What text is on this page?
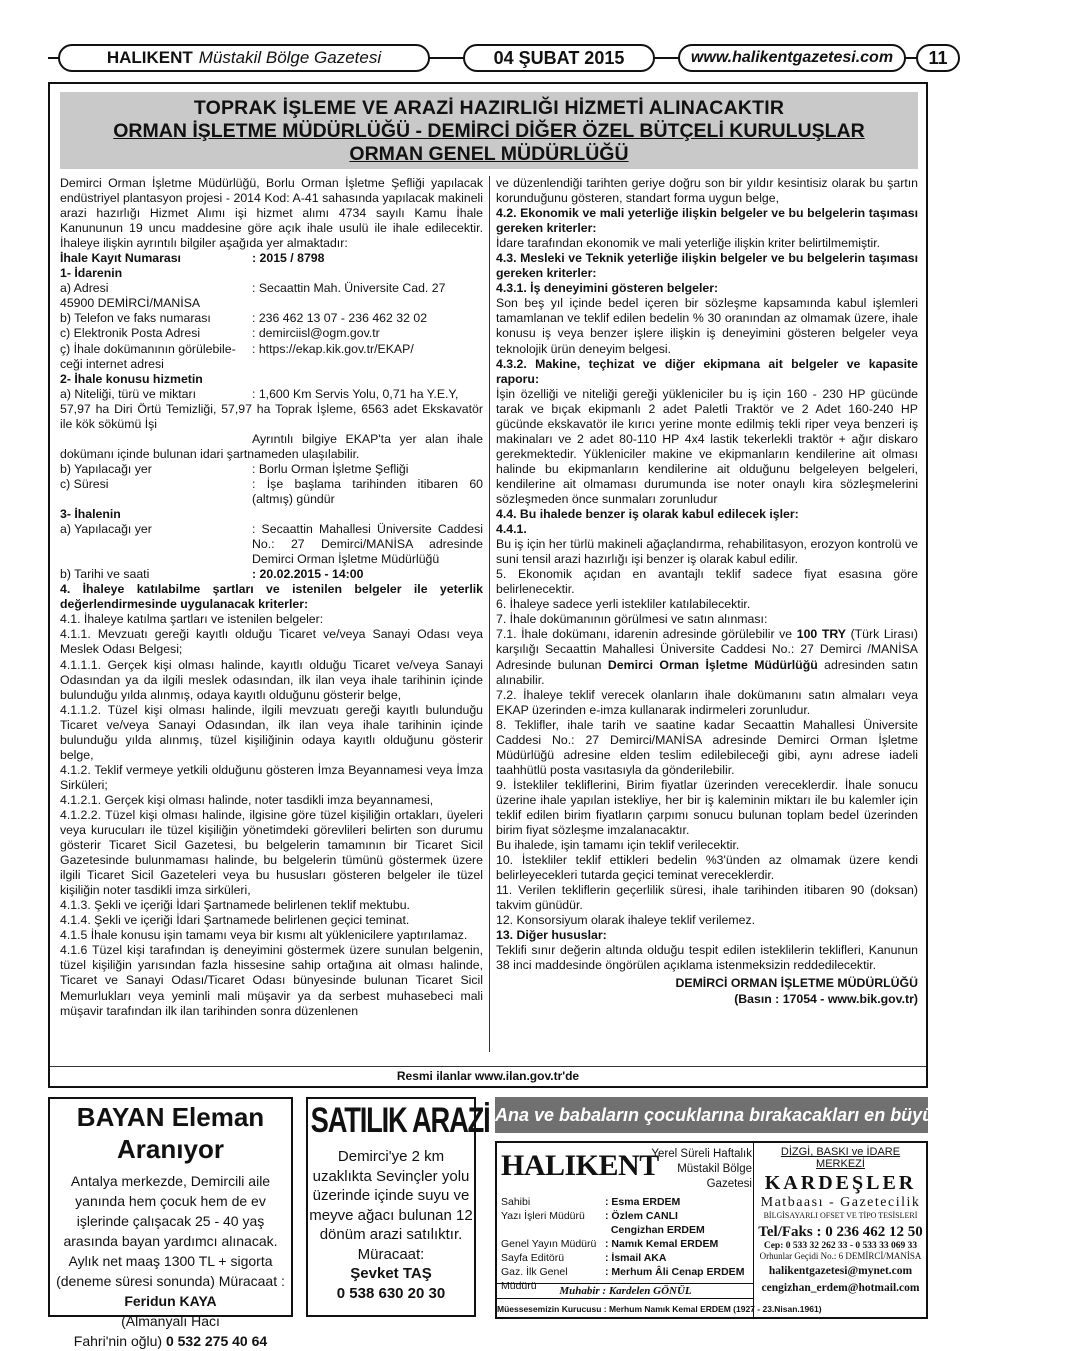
HALIKENT Müstakil Bölge Gazetesi	04 ŞUBAT 2015	www.halikentgazetesi.com	11
TOPRAK İŞLEME VE ARAZİ HAZIRLIĞI HİZMETİ ALINACAKTIR
ORMAN İŞLETME MÜDÜRLÜĞÜ - DEMİRCİ DİĞER ÖZEL BÜTÇELİ KURULUŞLAR
ORMAN GENEL MÜDÜRLÜĞÜ

Demirci Orman İşletme Müdürlüğü, Borlu Orman İşletme Şefliği yapılacak endüstriyel plantasyon projesi - 2014 Kod: A-41 sahasında yapılacak makineli arazi hazırlığı Hizmet Alımı işi hizmet alımı 4734 sayılı Kamu İhale Kanununun 19 uncu maddesine göre açık ihale usulü ile ihale edilecektir. İhaleye ilişkin ayrıntılı bilgiler aşağıda yer almaktadır:

İhale Kayıt Numarası	: 2015 / 8798

1- İdarenin

a) Adresi	: Secaattin Mah. Üniversite Cad. 27

45900 DEMİRCİ/MANİSA

b) Telefon ve faks numarası	: 236 462 13 07 - 236 462 32 02
c) Elektronik Posta Adresi	: demirciisl@ogm.gov.tr
ç) İhale dokümanının görülebile-	: https://ekap.kik.gov.tr/EKAP/

ceği internet adresi

2- İhale konusu hizmetin

a) Niteliği, türü ve miktarı	: 1,600 Km Servis Yolu, 0,71 ha Y.E.Y,

57,97 ha Diri Örtü Temizliği, 57,97 ha Toprak İşleme, 6563 adet Ekskavatör ile kök sökümü İşi

Ayrıntılı bilgiye EKAP'ta yer alan ihale dokümanı içinde bulunan idari şartnameden ulaşılabilir.

b) Yapılacağı yer	: Borlu Orman İşletme Şefliği
c) Süresi	: İşe başlama tarihinden itibaren 60 (altmış) gündür

3- İhalenin

a) Yapılacağı yer	: Secaattin Mahallesi Üniversite Caddesi No.: 27 Demirci/MANİSA adresinde Demirci Orman İşletme Müdürlüğü
b) Tarihi ve saati	: 20.02.2015 - 14:00

4. İhaleye katılabilme şartları ve istenilen belgeler ile yeterlik değerlendirmesinde uygulanacak kriterler:

4.1. İhaleye katılma şartları ve istenilen belgeler:

4.1.1. Mevzuatı gereği kayıtlı olduğu Ticaret ve/veya Sanayi Odası veya Meslek Odası Belgesi;

4.1.1.1. Gerçek kişi olması halinde, kayıtlı olduğu Ticaret ve/veya Sanayi Odasından ya da ilgili meslek odasından, ilk ilan veya ihale tarihinin içinde bulunduğu yılda alınmış, odaya kayıtlı olduğunu gösterir belge,

4.1.1.2. Tüzel kişi olması halinde, ilgili mevzuatı gereği kayıtlı bulunduğu Ticaret ve/veya Sanayi Odasından, ilk ilan veya ihale tarihinin içinde bulunduğu yılda alınmış, tüzel kişiliğinin odaya kayıtlı olduğunu gösterir belge,

4.1.2. Teklif vermeye yetkili olduğunu gösteren İmza Beyannamesi veya İmza Sirküleri;

4.1.2.1. Gerçek kişi olması halinde, noter tasdikli imza beyannamesi,

4.1.2.2. Tüzel kişi olması halinde, ilgisine göre tüzel kişiliğin ortakları, üyeleri veya kurucuları ile tüzel kişiliğin yönetimdeki görevlileri belirten son durumu gösterir Ticaret Sicil Gazetesi, bu belgelerin tamamının bir Ticaret Sicil Gazetesinde bulunmaması halinde, bu belgelerin tümünü göstermek üzere ilgili Ticaret Sicil Gazeteleri veya bu hususları gösteren belgeler ile tüzel kişiliğin noter tasdikli imza sirküleri,

4.1.3. Şekli ve içeriği İdari Şartnamede belirlenen teklif mektubu.

4.1.4. Şekli ve içeriği İdari Şartnamede belirlenen geçici teminat.

4.1.5 İhale konusu işin tamamı veya bir kısmı alt yüklenicilere yaptırılamaz.

4.1.6 Tüzel kişi tarafından iş deneyimini göstermek üzere sunulan belgenin, tüzel kişiliğin yarısından fazla hissesine sahip ortağına ait olması halinde, Ticaret ve Sanayi Odası/Ticaret Odası bünyesinde bulunan Ticaret Sicil Memurlukları veya yeminli mali müşavir ya da serbest muhasebeci mali müşavir tarafından ilk ilan tarihinden sonra düzenlenen

ve düzenlendiği tarihten geriye doğru son bir yıldır kesintisiz olarak bu şartın korunduğunu gösteren, standart forma uygun belge,

4.2. Ekonomik ve mali yeterliğe ilişkin belgeler ve bu belgelerin taşıması gereken kriterler:

İdare tarafından ekonomik ve mali yeterliğe ilişkin kriter belirtilmemiştir.

4.3. Mesleki ve Teknik yeterliğe ilişkin belgeler ve bu belgelerin taşıması gereken kriterler:

4.3.1. İş deneyimini gösteren belgeler:

Son beş yıl içinde bedel içeren bir sözleşme kapsamında kabul işlemleri tamamlanan ve teklif edilen bedelin % 30 oranından az olmamak üzere, ihale konusu iş veya benzer işlere ilişkin iş deneyimini gösteren belgeler veya teknolojik ürün deneyim belgesi.

4.3.2. Makine, teçhizat ve diğer ekipmana ait belgeler ve kapasite raporu:

İşin özelliği ve niteliği gereği yükleniciler bu iş için 160 - 230 HP gücünde tarak ve bıçak ekipmanlı 2 adet Paletli Traktör ve 2 Adet 160-240 HP gücünde ekskavatör ile kırıcı yerine monte edilmiş tekli riper veya benzeri iş makinaları ve 2 adet 80-110 HP 4x4 lastik tekerlekli traktör + ağır diskaro gerekmektedir. Yükleniciler makine ve ekipmanların kendilerine ait olması halinde bu ekipmanların kendilerine ait olduğunu belgeleyen belgeleri, kendilerine ait olmaması durumunda ise noter onaylı kira sözleşmelerini sözleşmeden önce sunmaları zorunludur

4.4. Bu ihalede benzer iş olarak kabul edilecek işler:

4.4.1.

Bu iş için her türlü makineli ağaçlandırma, rehabilitasyon, erozyon kontrolü ve suni tensil arazi hazırlığı işi benzer iş olarak kabul edilir.

5. Ekonomik açıdan en avantajlı teklif sadece fiyat esasına göre belirlenecektir.

6. İhaleye sadece yerli istekliler katılabilecektir.

7. İhale dokümanının görülmesi ve satın alınması:

7.1. İhale dokümanı, idarenin adresinde görülebilir ve 100 TRY (Türk Lirası) karşılığı Secaattin Mahallesi Üniversite Caddesi No.: 27 Demirci /MANİSA Adresinde bulunan Demirci Orman İşletme Müdürlüğü adresinden satın alınabilir.

7.2. İhaleye teklif verecek olanların ihale dokümanını satın almaları veya EKAP üzerinden e-imza kullanarak indirmeleri zorunludur.

8. Teklifler, ihale tarih ve saatine kadar Secaattin Mahallesi Üniversite Caddesi No.: 27 Demirci/MANİSA adresinde Demirci Orman İşletme Müdürlüğü adresine elden teslim edilebileceği gibi, aynı adrese iadeli taahhütlü posta vasıtasıyla da gönderilebilir.

9. İstekliler tekliflerini, Birim fiyatlar üzerinden vereceklerdir. İhale sonucu üzerine ihale yapılan istekliye, her bir iş kaleminin miktarı ile bu kalemler için teklif edilen birim fiyatların çarpımı sonucu bulunan toplam bedel üzerinden birim fiyat sözleşme imzalanacaktır.

Bu ihalede, işin tamamı için teklif verilecektir.

10. İstekliler teklif ettikleri bedelin %3'ünden az olmamak üzere kendi belirleyecekleri tutarda geçici teminat vereceklerdir.

11. Verilen tekliflerin geçerlilik süresi, ihale tarihinden itibaren 90 (doksan) takvim günüdür.

12. Konsorsiyum olarak ihaleye teklif verilemez.

13. Diğer hususlar:

Teklifi sınır değerin altında olduğu tespit edilen isteklilerin teklifleri, Kanunun 38 inci maddesinde öngörülen açıklama istenmeksizin reddedilecektir.

DEMİRCİ ORMAN İŞLETME MÜDÜRLÜĞÜ

(Basın : 17054 - www.bik.gov.tr)

Resmi ilanlar www.ilan.gov.tr'de
BAYAN Eleman
Aranıyor
Antalya merkezde, Demircili aile yanında hem çocuk hem de ev işlerinde çalışacak 25 - 40 yaş arasında bayan yardımcı alınacak. Aylık net maaş 1300 TL + sigorta (deneme süresi sonunda) Müracaat : Feridun KAYA
(Almanyalı Hacı
Fahri'nin oğlu) 0 532 275 40 64
SATILIK ARAZİ
Demirci'ye 2 km uzaklıkta Sevinçler yolu üzerinde içinde suyu ve meyve ağacı bulunan 12 dönüm arazi satılıktır.
Müracaat:
Şevket TAŞ
0 538 630 20 30
Ana ve babaların çocuklarına bırakacakları en büyük miras; eğitimdir.
HALIKENT
Yerel Süreli Haftalık
Müstakil Bölge Gazetesi
Sahibi	: Esma ERDEM
Yazı İşleri Müdürü	: Özlem CANLI
Cengizhan ERDEM
Genel Yayın Müdürü : Namık Kemal ERDEM
Sayfa Editörü	: İsmail AKA
Gaz. İlk Genel Müdürü
: Merhum Âli Cenap ERDEM
DİZGİ, BASKI ve İDARE MERKEZİ
KARDEŞLER
Matbaası - Gazetecilik
BİLGİSAYARLI OFSET VE TİPO TESİSLERİ
Tel/Faks : 0 236 462 12 50
Cep: 0 533 32 262 33 - 0 533 33 069 33
Orhunlar Geçidi No.: 6 DEMİRCİ/MANİSA
halikentgazetesi@mynet.com
cengizhan_erdem@hotmail.com
Muhabir : Kardelen GÖNÜL
Müessesemizin Kurucusu : Merhum Namık Kemal ERDEM (1927 - 23.Nisan.1961)
